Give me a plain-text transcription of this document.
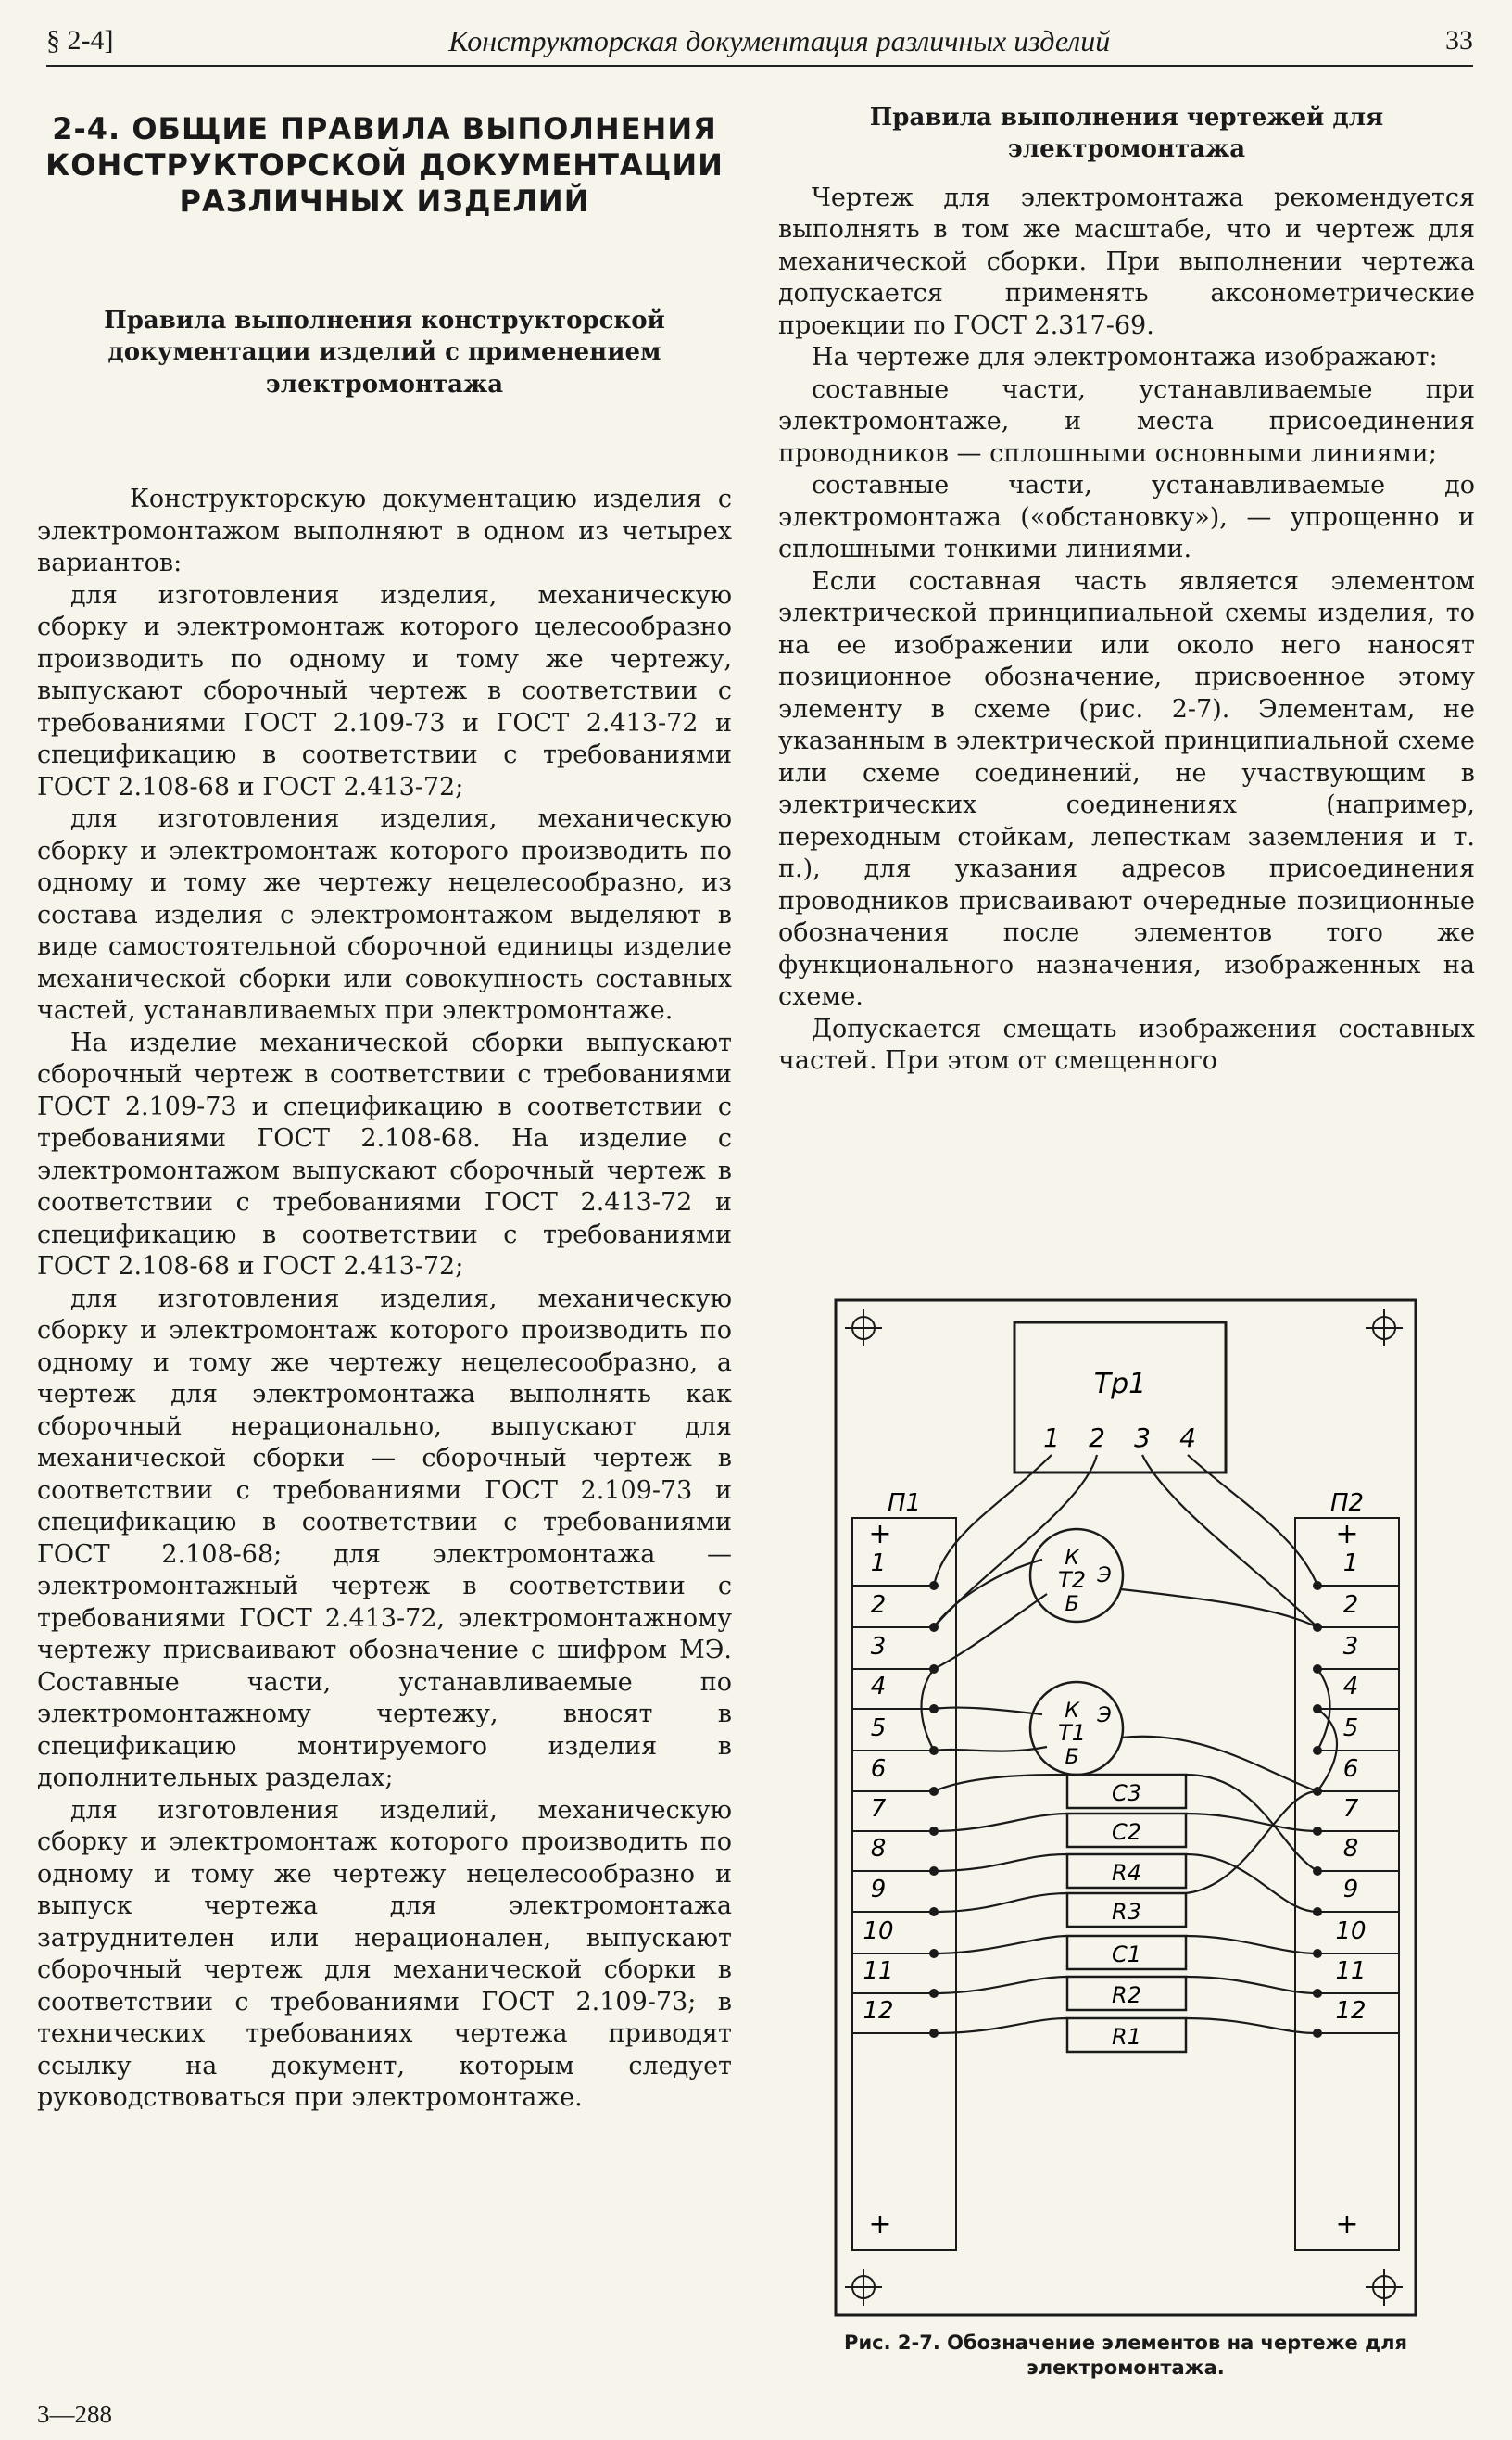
§ 2-4]	Конструкторская документация различных изделий	33
2-4. ОБЩИЕ ПРАВИЛА ВЫПОЛНЕНИЯ КОНСТРУКТОРСКОЙ ДОКУМЕНТАЦИИ РАЗЛИЧНЫХ ИЗДЕЛИЙ
Правила выполнения конструкторской документации изделий с применением электромонтажа

Конструкторскую документацию изделия с электромонтажом выполняют в одном из четырех вариантов:

для изготовления изделия, механическую сборку и электромонтаж которого целесообразно производить по одному и тому же чертежу, выпускают сборочный чертеж в соответствии с требованиями ГОСТ 2.109-73 и ГОСТ 2.413-72 и спецификацию в соответствии с требованиями ГОСТ 2.108-68 и ГОСТ 2.413-72;

для изготовления изделия, механическую сборку и электромонтаж которого производить по одному и тому же чертежу нецелесообразно, из состава изделия с электромонтажом выделяют в виде самостоятельной сборочной единицы изделие механической сборки или совокупность составных частей, устанавливаемых при электромонтаже.

На изделие механической сборки выпускают сборочный чертеж в соответствии с требованиями ГОСТ 2.109-73 и спецификацию в соответствии с требованиями ГОСТ 2.108-68. На изделие с электромонтажом выпускают сборочный чертеж в соответствии с требованиями ГОСТ 2.413-72 и спецификацию в соответствии с требованиями ГОСТ 2.108-68 и ГОСТ 2.413-72;

для изготовления изделия, механическую сборку и электромонтаж которого производить по одному и тому же чертежу нецелесообразно, а чертеж для электромонтажа выполнять как сборочный нерационально, выпускают для механической сборки — сборочный чертеж в соответствии с требованиями ГОСТ 2.109-73 и спецификацию в соответствии с требованиями ГОСТ 2.108-68; для электромонтажа — электромонтажный чертеж в соответствии с требованиями ГОСТ 2.413-72, электромонтажному чертежу присваивают обозначение с шифром МЭ. Составные части, устанавливаемые по электромонтажному чертежу, вносят в спецификацию монтируемого изделия в дополнительных разделах;

для изготовления изделий, механическую сборку и электромонтаж которого производить по одному и тому же чертежу нецелесообразно и выпуск чертежа для электромонтажа затруднителен или нерационален, выпускают сборочный чертеж для механической сборки в соответствии с требованиями ГОСТ 2.109-73; в технических требованиях чертежа приводят ссылку на документ, которым следует руководствоваться при электромонтаже.

Правила выполнения чертежей для электромонтажа

Чертеж для электромонтажа рекомендуется выполнять в том же масштабе, что и чертеж для механической сборки. При выполнении чертежа допускается применять аксонометрические проекции по ГОСТ 2.317-69.

На чертеже для электромонтажа изображают:

составные части, устанавливаемые при электромонтаже, и места присоединения проводников — сплошными основными линиями;

составные части, устанавливаемые до электромонтажа («обстановку»), — упрощенно и сплошными тонкими линиями.

Если составная часть является элементом электрической принципиальной схемы изделия, то на ее изображении или около него наносят позиционное обозначение, присвоенное этому элементу в схеме (рис. 2-7). Элементам, не указанным в электрической принципиальной схеме или схеме соединений, не участвующим в электрических соединениях (например, переходным стойкам, лепесткам заземления и т. п.), для указания адресов присоединения проводников присваивают очередные позиционные обозначения после элементов того же функционального назначения, изображенных на схеме.

Допускается смещать изображения составных частей. При этом от смещенного

Тр1
1 2 3 4
П1	П2
+	+
+	+
1	1
2	2
3	3
4	4
5	5
6	6
7	7
8	8
9	9
10	10
11	11
12	12
К
Т2 Э
Б
К
Т1
Э
Б
С3
С2
R4
R3
С1
R2
R1
Рис. 2-7. Обозначение элементов на чертеже для электромонтажа.
3—288
